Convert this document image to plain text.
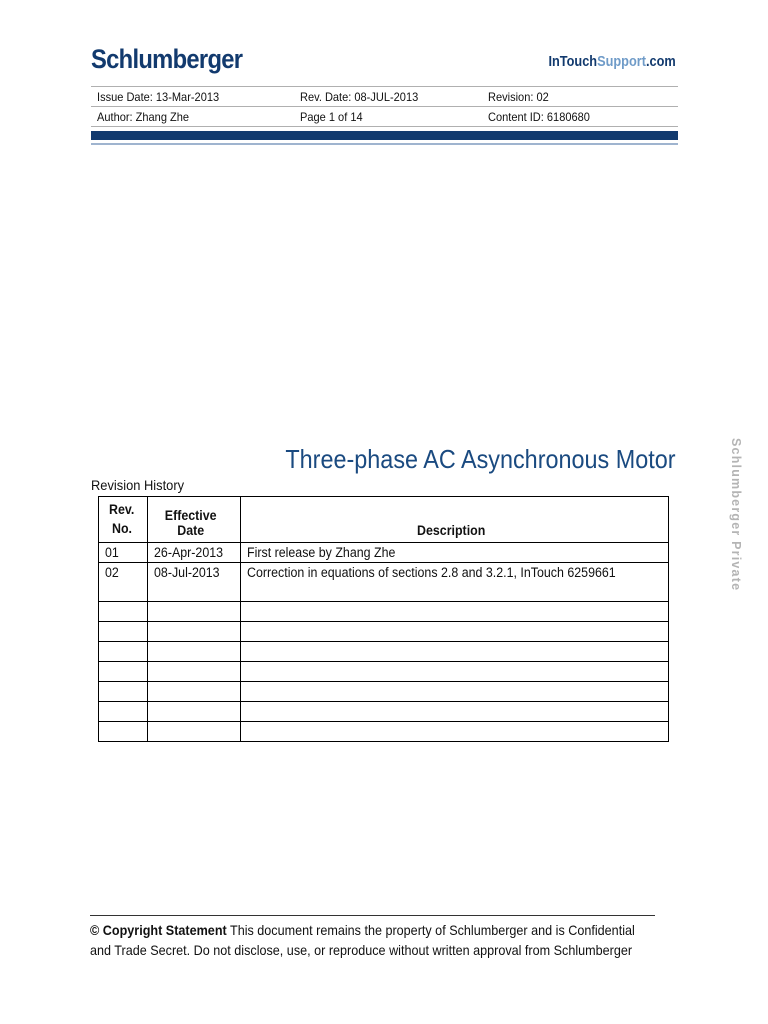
Schlumberger	InTouchSupport.com
Issue Date: 13-Mar-2013	Rev. Date: 08-JUL-2013	Revision: 02
Author: Zhang Zhe	Page 1 of 14	Content ID: 6180680
Three-phase AC Asynchronous Motor
Revision History
Rev.
No.	Effective Date	Description
01	26-Apr-2013	First release by Zhang Zhe
02	08-Jul-2013	Correction in equations of sections 2.8 and 3.2.1, InTouch 6259661

			Schlumberger Private
© Copyright Statement This document remains the property of Schlumberger and is Confidential and Trade Secret. Do not disclose, use, or reproduce without written approval from Schlumberger
